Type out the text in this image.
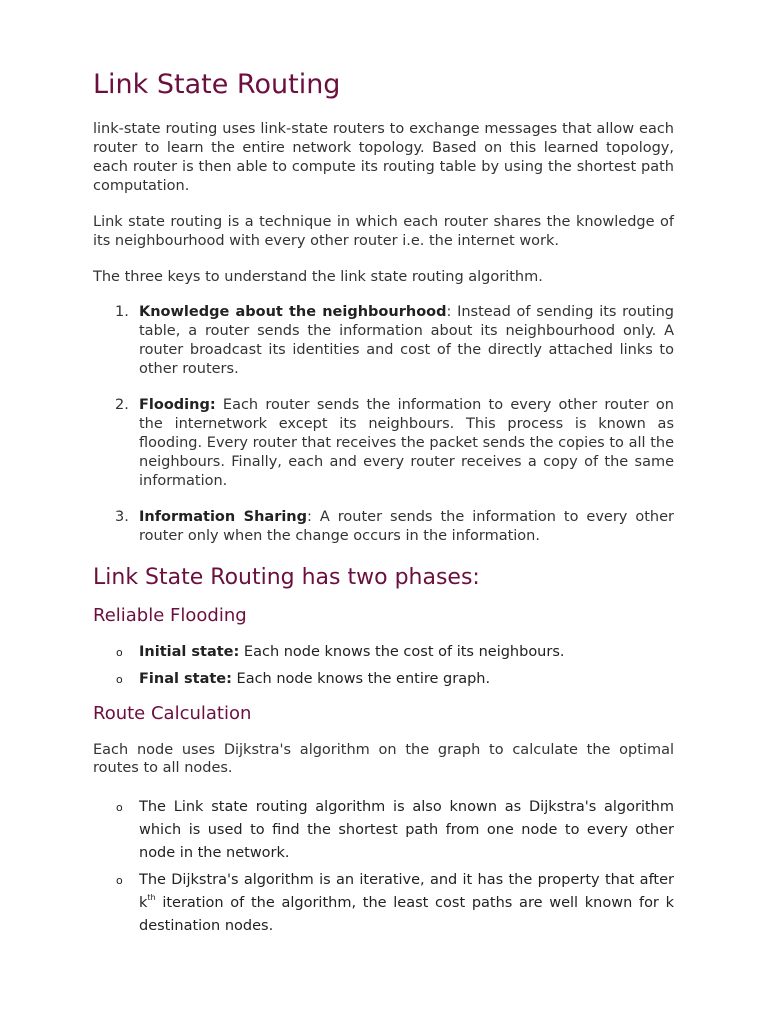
Link State Routing

link-state routing uses link-state routers to exchange messages that allow each router to learn the entire network topology. Based on this learned topology, each router is then able to compute its routing table by using the shortest path computation.

Link state routing is a technique in which each router shares the knowledge of its neighbourhood with every other router i.e. the internet work.

The three keys to understand the link state routing algorithm.

1. Knowledge about the neighbourhood: Instead of sending its routing table, a router sends the information about its neighbourhood only. A router broadcast its identities and cost of the directly attached links to other routers.
2. Flooding: Each router sends the information to every other router on the internetwork except its neighbours. This process is known as flooding. Every router that receives the packet sends the copies to all the neighbours. Finally, each and every router receives a copy of the same information.
3. Information Sharing: A router sends the information to every other router only when the change occurs in the information.
Link State Routing has two phases:
Reliable Flooding
o Initial state: Each node knows the cost of its neighbours.
o Final state: Each node knows the entire graph.
Route Calculation

Each node uses Dijkstra's algorithm on the graph to calculate the optimal routes to all nodes.

o The Link state routing algorithm is also known as Dijkstra's algorithm which is used to find the shortest path from one node to every other node in the network.
o The Dijkstra's algorithm is an iterative, and it has the property that after $k^{th}$ iteration of the algorithm, the least cost paths are well known for k destination nodes.
